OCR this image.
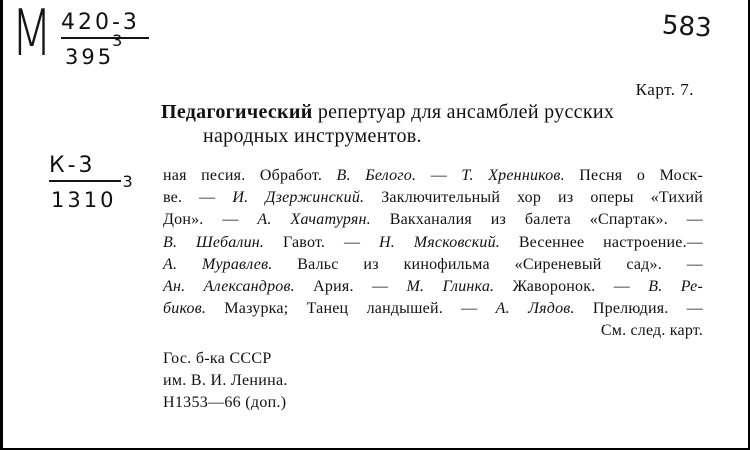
М 420-3
$395^3$	583
Карт. 7.
Педагогический репертуар для ансамблей русских
народных инструментов.
К-3
1310$^3$ ная песия. Обработ. В. Белого. — Т. Хренников. Песня о Моск-
ве. — И. Дзержинский. Заключительный хор из оперы «Тихий
Дон». — А. Хачатурян. Вакханалия из балета «Спартак». —
В. Шебалин. Гавот. — Н. Мясковский. Весеннее настроение.—
А. Муравлев. Вальс из кинофильма «Сиреневый сад». —
Ан. Александров. Ария. — М. Глинка. Жаворонок. — В. Ре-
биков. Мазурка; Танец ландышей. — А. Лядов. Прелюдия. —
См. след. карт.
Гос. б-ка СССР
им. В. И. Ленина.
Н1353—66 (доп.)
